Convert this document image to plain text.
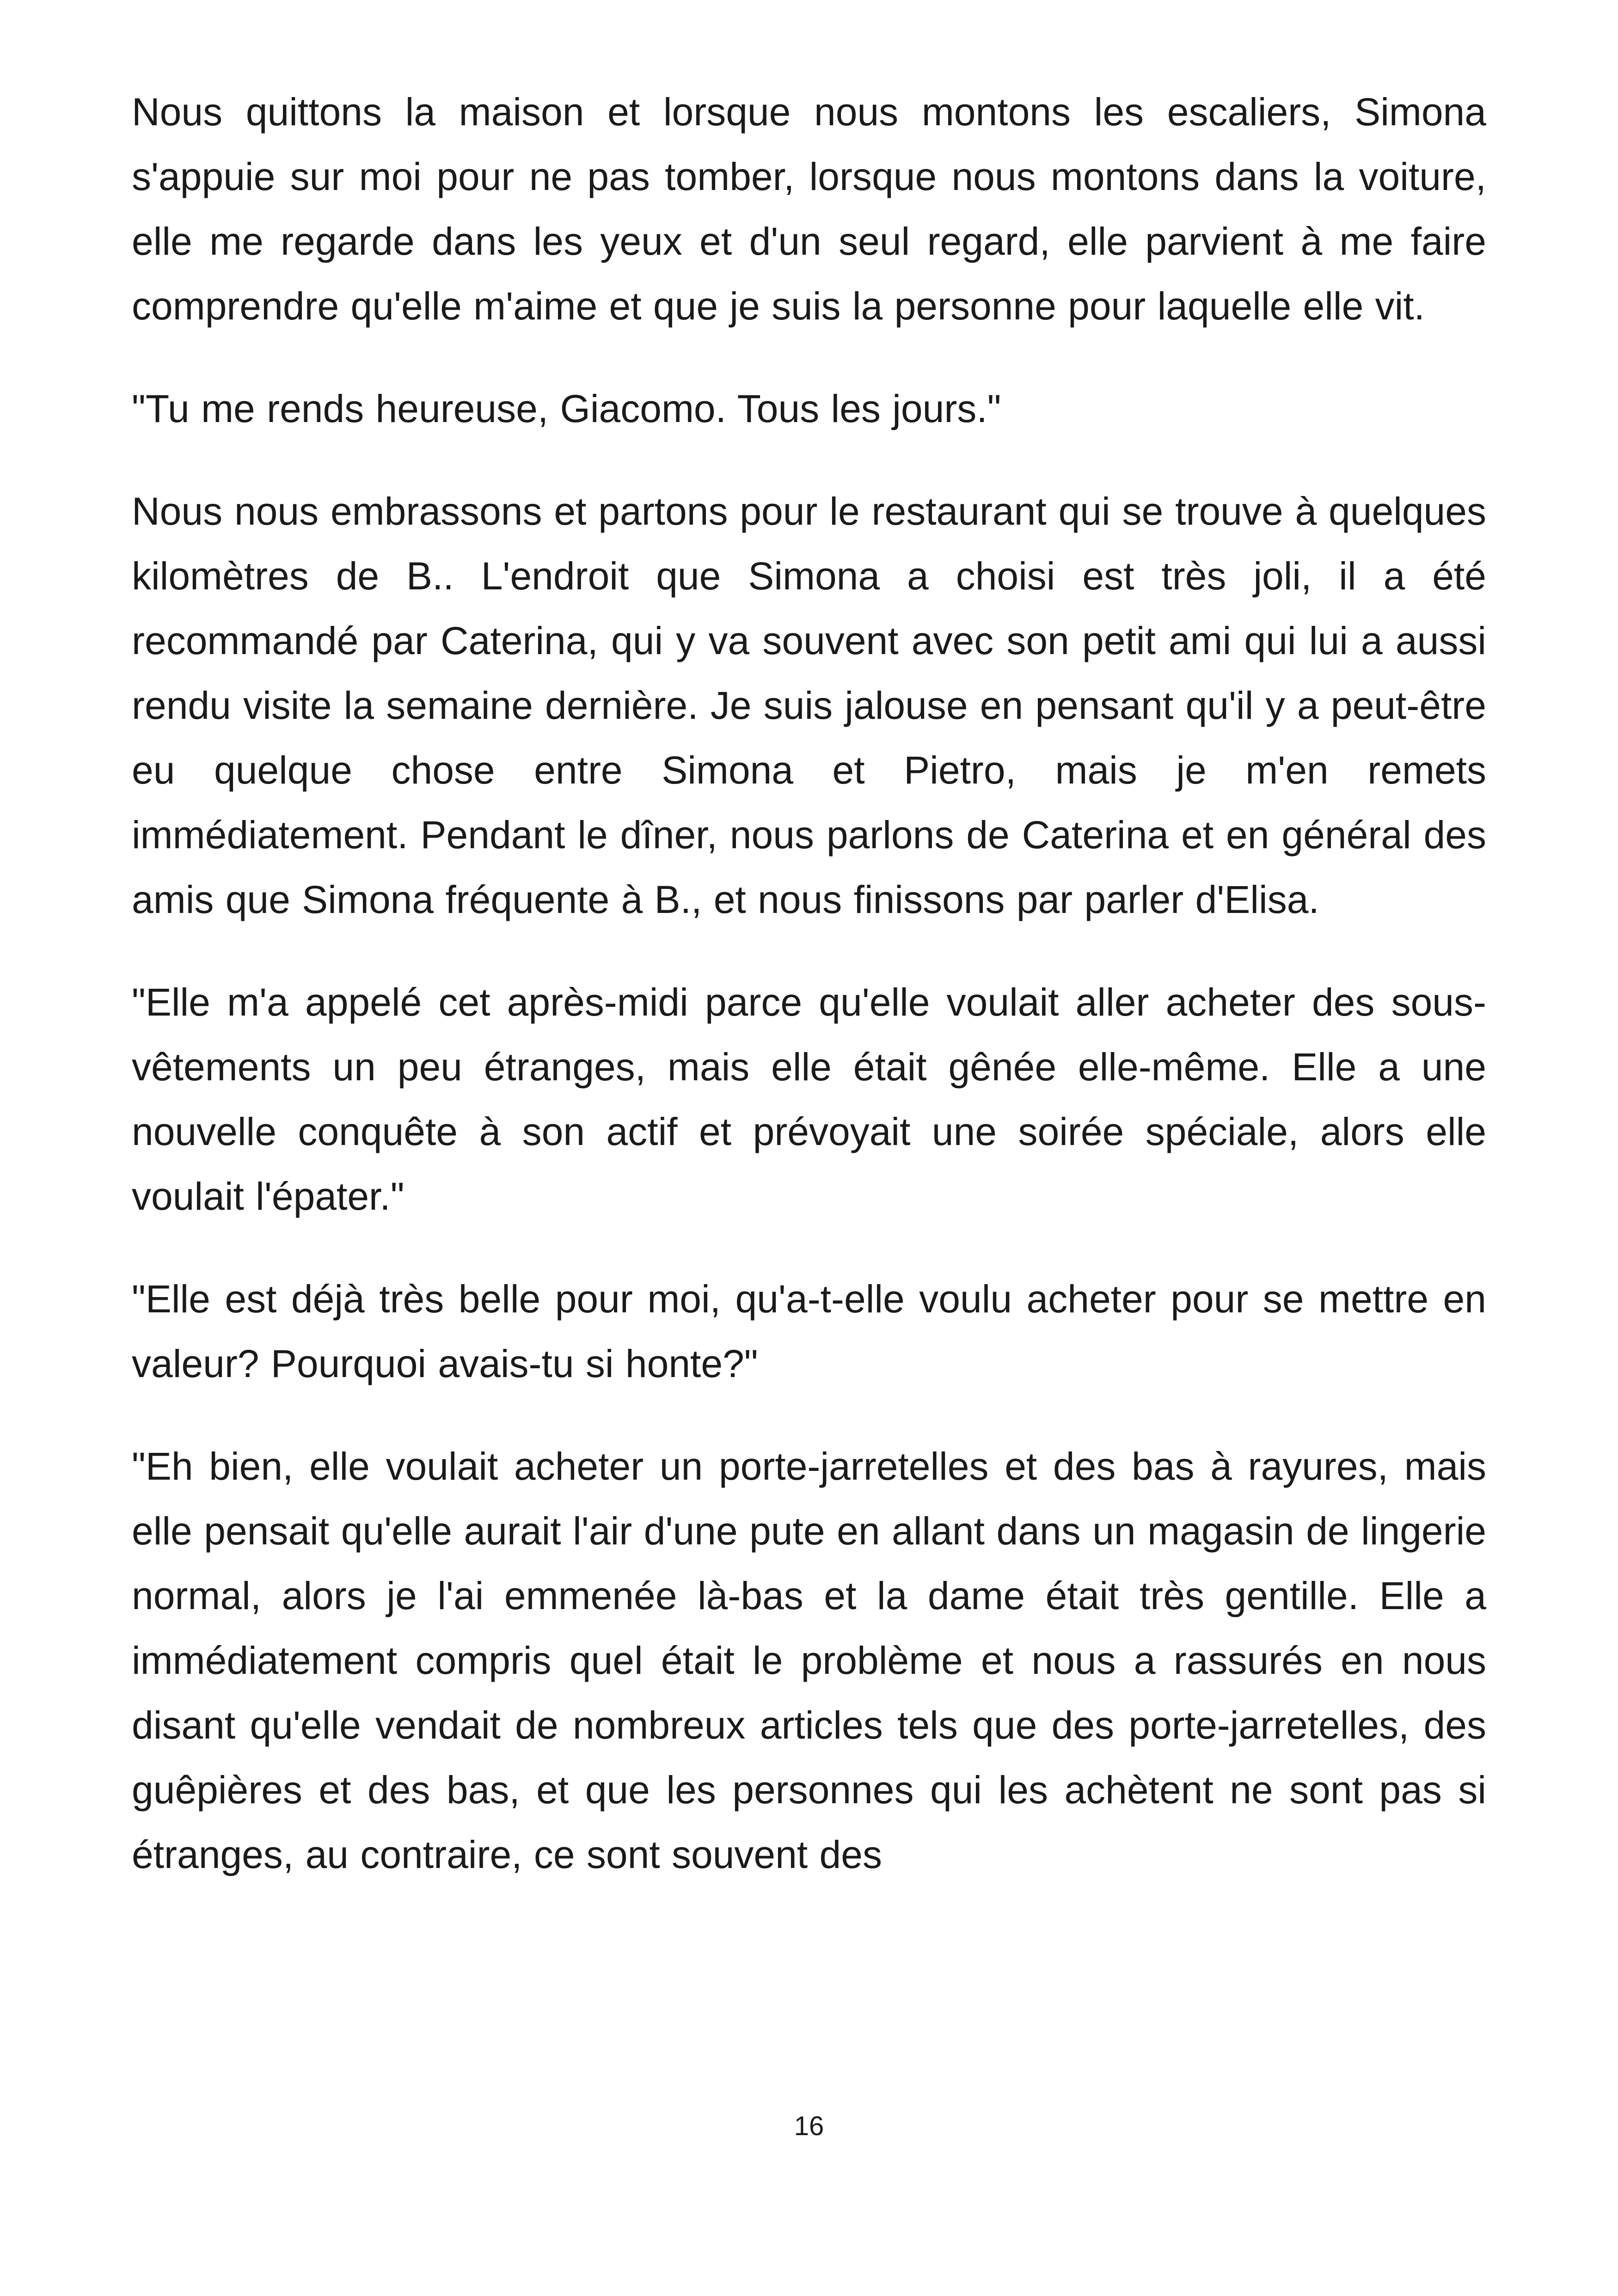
Nous quittons la maison et lorsque nous montons les escaliers, Simona s'appuie sur moi pour ne pas tomber, lorsque nous montons dans la voiture, elle me regarde dans les yeux et d'un seul regard, elle parvient à me faire comprendre qu'elle m'aime et que je suis la personne pour laquelle elle vit.

"Tu me rends heureuse, Giacomo. Tous les jours."

Nous nous embrassons et partons pour le restaurant qui se trouve à quelques kilomètres de B.. L'endroit que Simona a choisi est très joli, il a été recommandé par Caterina, qui y va souvent avec son petit ami qui lui a aussi rendu visite la semaine dernière. Je suis jalouse en pensant qu'il y a peut-être eu quelque chose entre Simona et Pietro, mais je m'en remets immédiatement. Pendant le dîner, nous parlons de Caterina et en général des amis que Simona fréquente à B., et nous finissons par parler d'Elisa.

"Elle m'a appelé cet après-midi parce qu'elle voulait aller acheter des sous-vêtements un peu étranges, mais elle était gênée elle-même. Elle a une nouvelle conquête à son actif et prévoyait une soirée spéciale, alors elle voulait l'épater."

"Elle est déjà très belle pour moi, qu'a-t-elle voulu acheter pour se mettre en valeur? Pourquoi avais-tu si honte?"

"Eh bien, elle voulait acheter un porte-jarretelles et des bas à rayures, mais elle pensait qu'elle aurait l'air d'une pute en allant dans un magasin de lingerie normal, alors je l'ai emmenée là-bas et la dame était très gentille. Elle a immédiatement compris quel était le problème et nous a rassurés en nous disant qu'elle vendait de nombreux articles tels que des porte-jarretelles, des guêpières et des bas, et que les personnes qui les achètent ne sont pas si étranges, au contraire, ce sont souvent des

16
